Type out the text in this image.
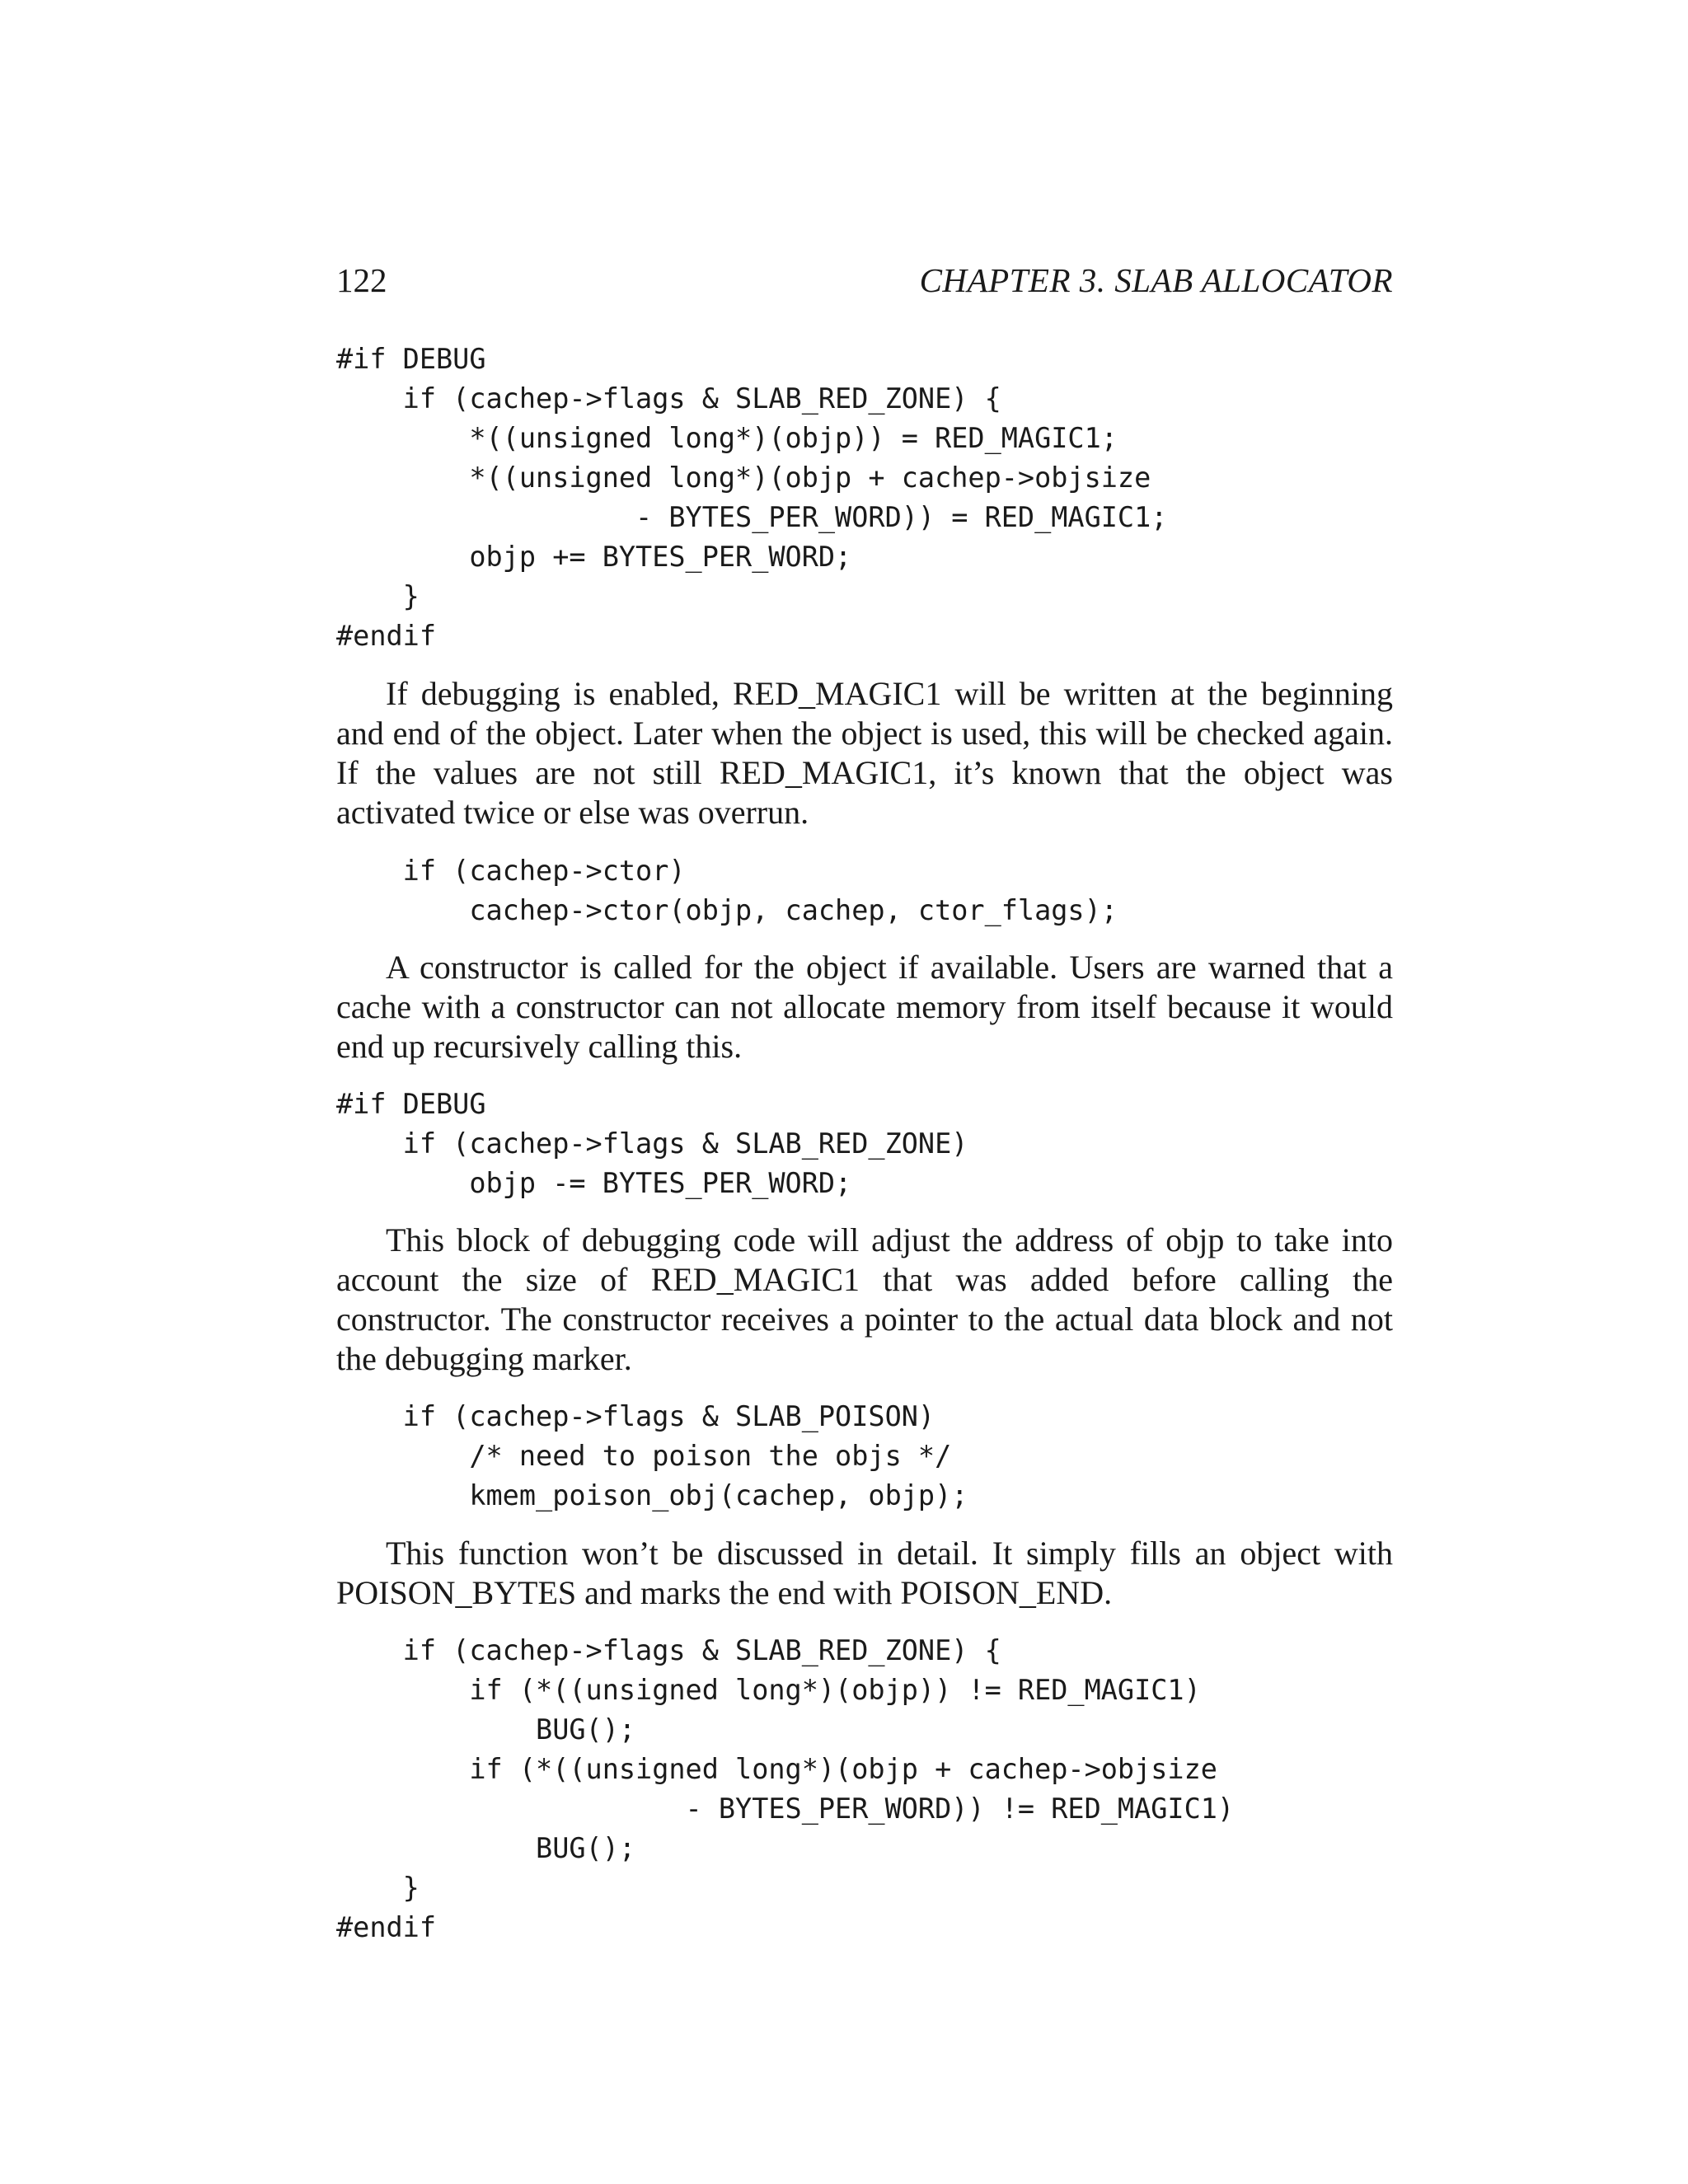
122	CHAPTER 3. SLAB ALLOCATOR
#if DEBUG
if (cachep->flags & SLAB_RED_ZONE) {
*((unsigned long*)(objp)) = RED_MAGIC1;
*((unsigned long*)(objp + cachep->objsize
- BYTES_PER_WORD)) = RED_MAGIC1;
objp += BYTES_PER_WORD;
}
#endif

If debugging is enabled, RED_MAGIC1 will be written at the beginning and end of the object. Later when the object is used, this will be checked again. If the values are not still RED_MAGIC1, it’s known that the object was activated twice or else was overrun.

if (cachep->ctor)
cachep->ctor(objp, cachep, ctor_flags);

A constructor is called for the object if available. Users are warned that a cache with a constructor can not allocate memory from itself because it would end up recursively calling this.

#if DEBUG
if (cachep->flags & SLAB_RED_ZONE)
objp -= BYTES_PER_WORD;

This block of debugging code will adjust the address of objp to take into account the size of RED_MAGIC1 that was added before calling the constructor. The constructor receives a pointer to the actual data block and not the debugging marker.

if (cachep->flags & SLAB_POISON)
/* need to poison the objs */
kmem_poison_obj(cachep, objp);

This function won’t be discussed in detail. It simply fills an object with POISON_BYTES and marks the end with POISON_END.

if (cachep->flags & SLAB_RED_ZONE) {
if (*((unsigned long*)(objp)) != RED_MAGIC1)
BUG();
if (*((unsigned long*)(objp + cachep->objsize
- BYTES_PER_WORD)) != RED_MAGIC1)
BUG();
}
#endif
